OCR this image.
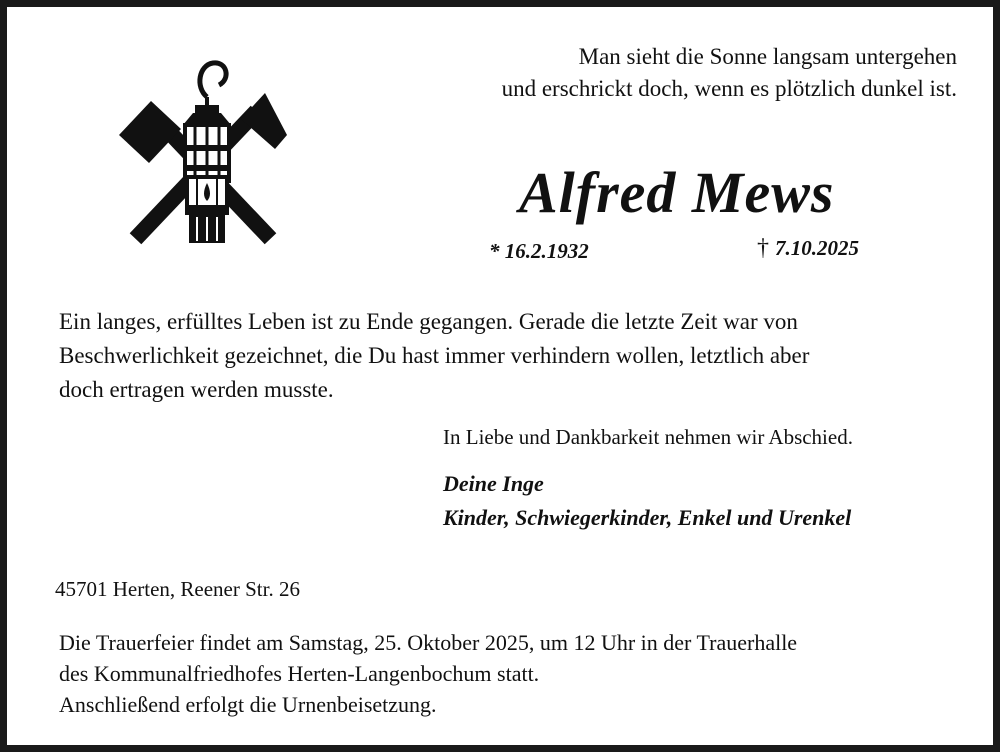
Man sieht die Sonne langsam untergehen
und erschrickt doch, wenn es plötzlich dunkel ist.
Alfred Mews
* 16.2.1932	† 7.10.2025
Ein langes, erfülltes Leben ist zu Ende gegangen. Gerade die letzte Zeit war von
Beschwerlichkeit gezeichnet, die Du hast immer verhindern wollen, letztlich aber
doch ertragen werden musste.
In Liebe und Dankbarkeit nehmen wir Abschied.
Deine Inge
Kinder, Schwiegerkinder, Enkel und Urenkel
45701 Herten, Reener Str. 26
Die Trauerfeier findet am Samstag, 25. Oktober 2025, um 12 Uhr in der Trauerhalle
des Kommunalfriedhofes Herten-Langenbochum statt.
Anschließend erfolgt die Urnenbeisetzung.
